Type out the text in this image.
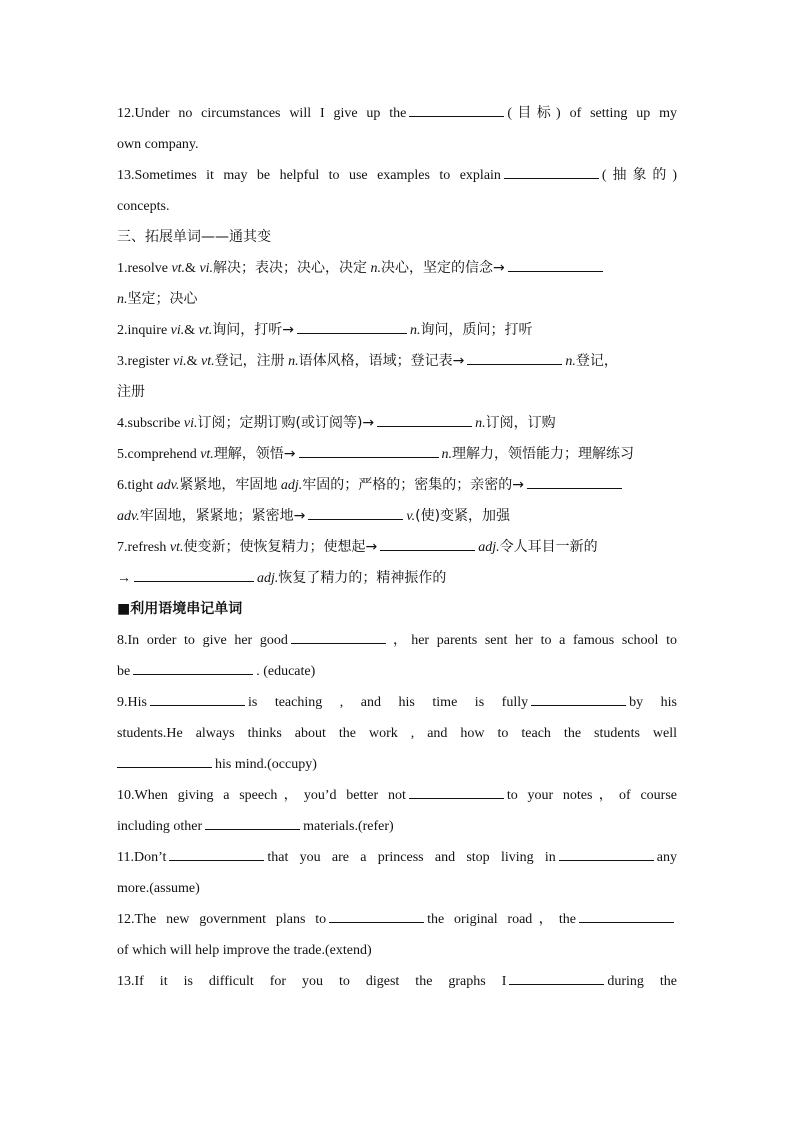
12.Under no circumstances will I give up the	(目标) of setting up my
own company.
13.Sometimes it may be helpful to use examples to explain	(抽象的)
concepts.
三、拓展单词——通其变
1.resolve vt.& vi.解决；表决；决心，决定 n.决心，坚定的信念→
n.坚定；决心
2.inquire vi.& vt.询问，打听→	n.询问，质问；打听
3.register vi.& vt.登记，注册 n.语体风格，语域；登记表→	n.登记，
注册
4.subscribe vi.订阅；定期订购(或订阅等)→	n.订阅，订购
5.comprehend vt.理解，领悟→	n.理解力，领悟能力；理解练习
6.tight adv.紧紧地，牢固地 adj.牢固的；严格的；密集的；亲密的→
adv.牢固地，紧紧地；紧密地→	v.(使)变紧，加强
7.refresh vt.使变新；使恢复精力；使想起→	adj.令人耳目一新的
→	adj.恢复了精力的；精神振作的
■利用语境串记单词
8.In order to give her good	，her parents sent her to a famous school to
be	. (educate)
9.His	is teaching , and his time is fully	by his
students.He always thinks about the work , and how to teach the students well
his mind.(occupy)
10.When giving a speech，you’d better not	to your notes，of course
including other	materials.(refer)
11.Don’t	that you are a princess and stop living in	any
more.(assume)
12.The new government plans to	the original road，the
of which will help improve the trade.(extend)
13.If it is difficult for you to digest the graphs I	during the
